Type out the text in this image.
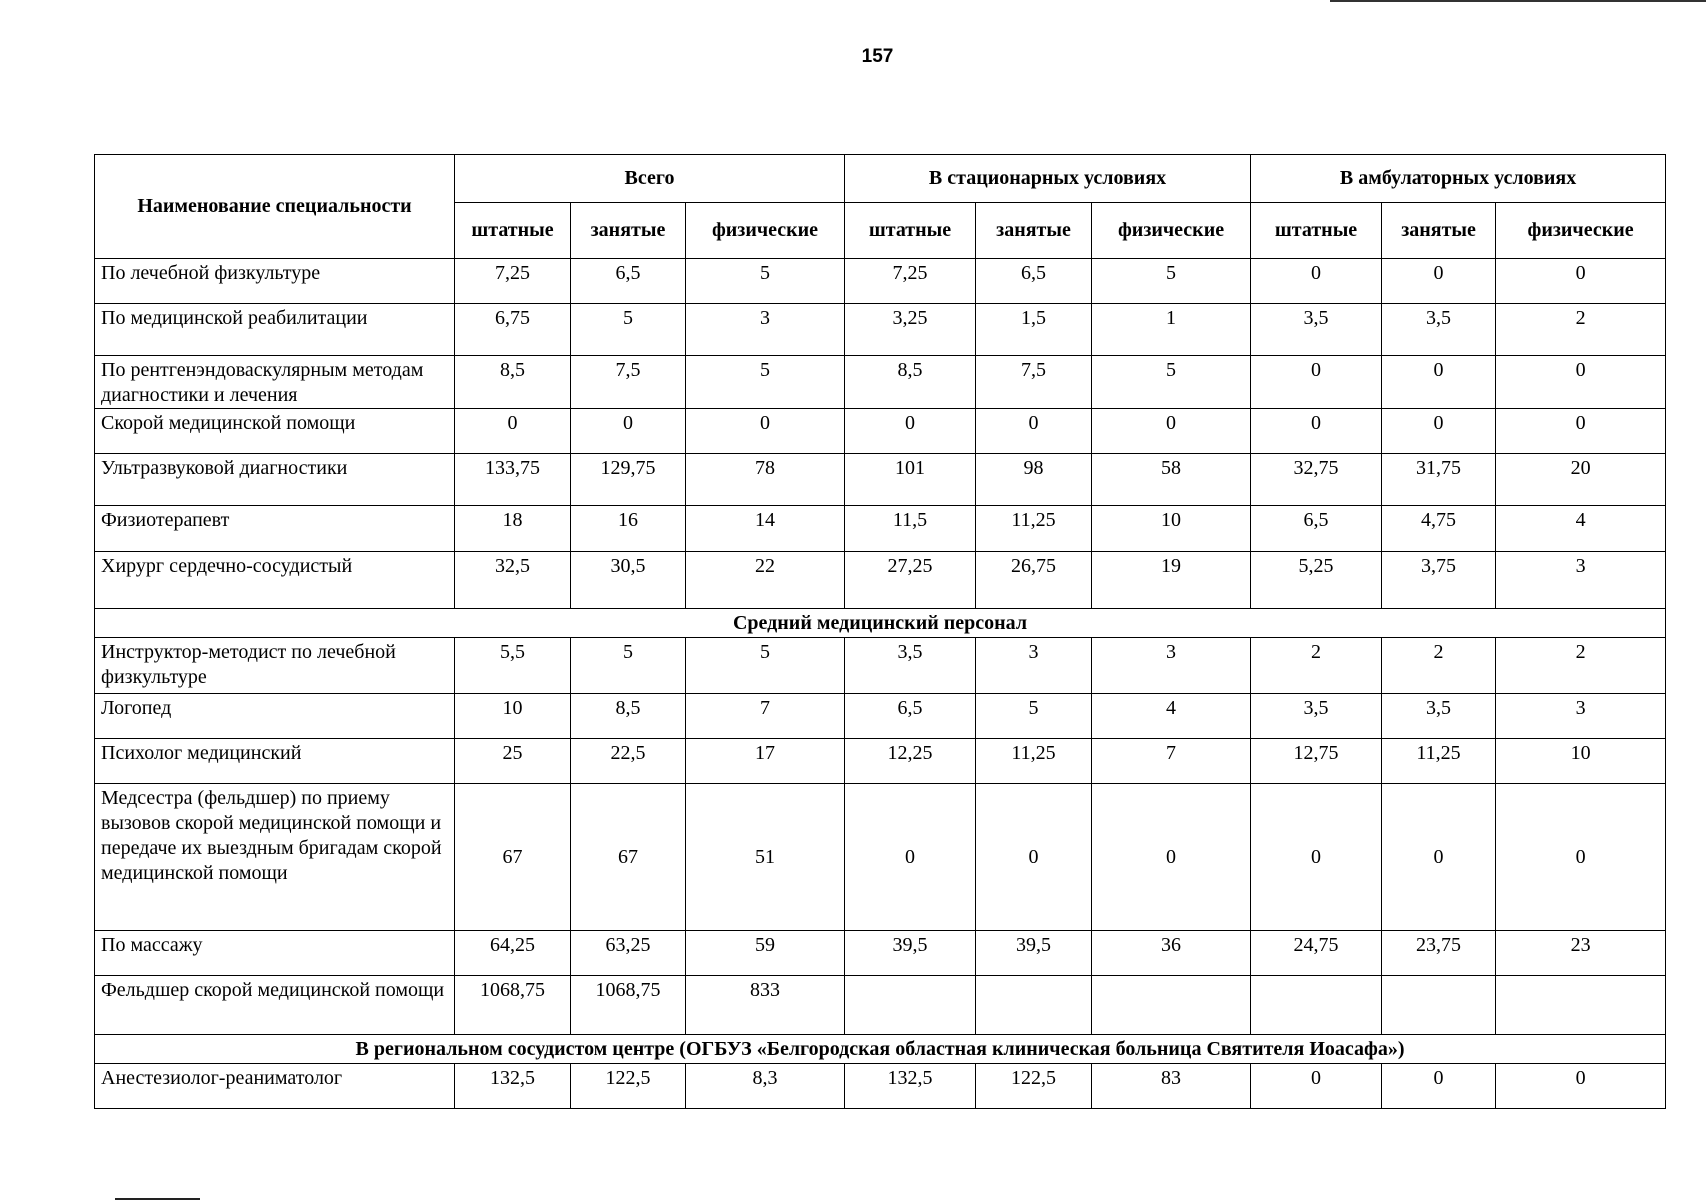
157
Наименование специальности	Всего			В стационарных условиях			В амбулаторных условиях		
	штатные	занятые	физические	штатные	занятые	физические	штатные	занятые	физические
По лечебной физкультуре	7,25	6,5	5	7,25	6,5	5	0	0	0
По медицинской реабилитации	6,75	5	3	3,25	1,5	1	3,5	3,5	2
По рентгенэндоваскулярным методам диагностики и лечения	8,5	7,5	5	8,5	7,5	5	0	0	0
Скорой медицинской помощи	0	0	0	0	0	0	0	0	0
Ультразвуковой диагностики	133,75	129,75	78	101	98	58	32,75	31,75	20
Физиотерапевт	18	16	14	11,5	11,25	10	6,5	4,75	4
Хирург сердечно-сосудистый	32,5	30,5	22	27,25	26,75	19	5,25	3,75	3
Средний медицинский персонал									
Инструктор-методист по лечебной физкультуре	5,5	5	5	3,5	3	3	2	2	2
Логопед	10	8,5	7	6,5	5	4	3,5	3,5	3
Психолог медицинский	25	22,5	17	12,25	11,25	7	12,75	11,25	10
Медсестра (фельдшер) по приему вызовов скорой медицинской помощи и передаче их выездным бригадам скорой медицинской помощи	67	67	51	0	0	0	0	0	0
По массажу	64,25	63,25	59	39,5	39,5	36	24,75	23,75	23
Фельдшер скорой медицинской помощи	1068,75	1068,75	833						
В региональном сосудистом центре (ОГБУЗ «Белгородская областная клиническая больница Святителя Иоасафа»)									
Анестезиолог-реаниматолог	132,5	122,5	8,3	132,5	122,5	83	0	0	0
